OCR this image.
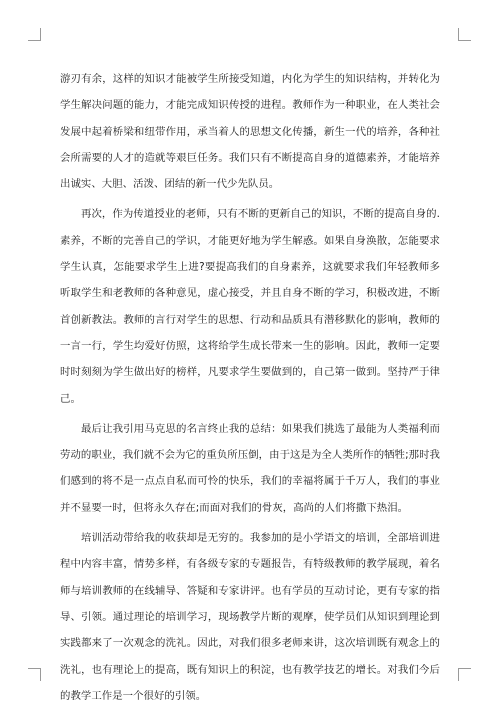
游刃有余，这样的知识才能被学生所接受知道，内化为学生的知识结构，并转化为学生解决问题的能力，才能完成知识传授的进程。教师作为一种职业，在人类社会发展中起着桥梁和纽带作用，承当着人的思想文化传播，新生一代的培养，各种社会所需要的人才的造就等艰巨任务。我们只有不断提高自身的道德素养，才能培养出诚实、大胆、活泼、团结的新一代少先队员。

再次，作为传道授业的老师，只有不断的更新自己的知识，不断的提高自身的.素养，不断的完善自己的学识，才能更好地为学生解惑。如果自身涣散，怎能要求学生认真，怎能要求学生上进?要提高我们的自身素养，这就要求我们年轻教师多听取学生和老教师的各种意见，虚心接受，并且自身不断的学习，积极改进，不断首创新教法。教师的言行对学生的思想、行动和品质具有潜移默化的影响，教师的一言一行，学生均爱好仿照，这将给学生成长带来一生的影响。因此，教师一定要时时刻刻为学生做出好的榜样，凡要求学生要做到的，自己第一做到。坚持严于律己。

最后让我引用马克思的名言终止我的总结：如果我们挑选了最能为人类福利而劳动的职业，我们就不会为它的重负所压倒，由于这是为全人类所作的牺牲;那时我们感到的将不是一点点自私而可怜的快乐，我们的幸福将属于千万人，我们的事业并不显要一时，但将永久存在;而面对我们的骨灰，高尚的人们将撒下热泪。

培训活动带给我的收获却是无穷的。我参加的是小学语文的培训，全部培训进程中内容丰富，情势多样，有各级专家的专题报告，有特级教师的教学展现，着名师与培训教师的在线辅导、答疑和专家讲评。也有学员的互动讨论，更有专家的指导、引领。通过理论的培训学习，现场教学片断的观摩，使学员们从知识到理论到实践都来了一次观念的洗礼。因此，对我们很多老师来讲，这次培训既有观念上的洗礼，也有理论上的提高，既有知识上的积淀，也有教学技艺的增长。对我们今后的教学工作是一个很好的引领。
